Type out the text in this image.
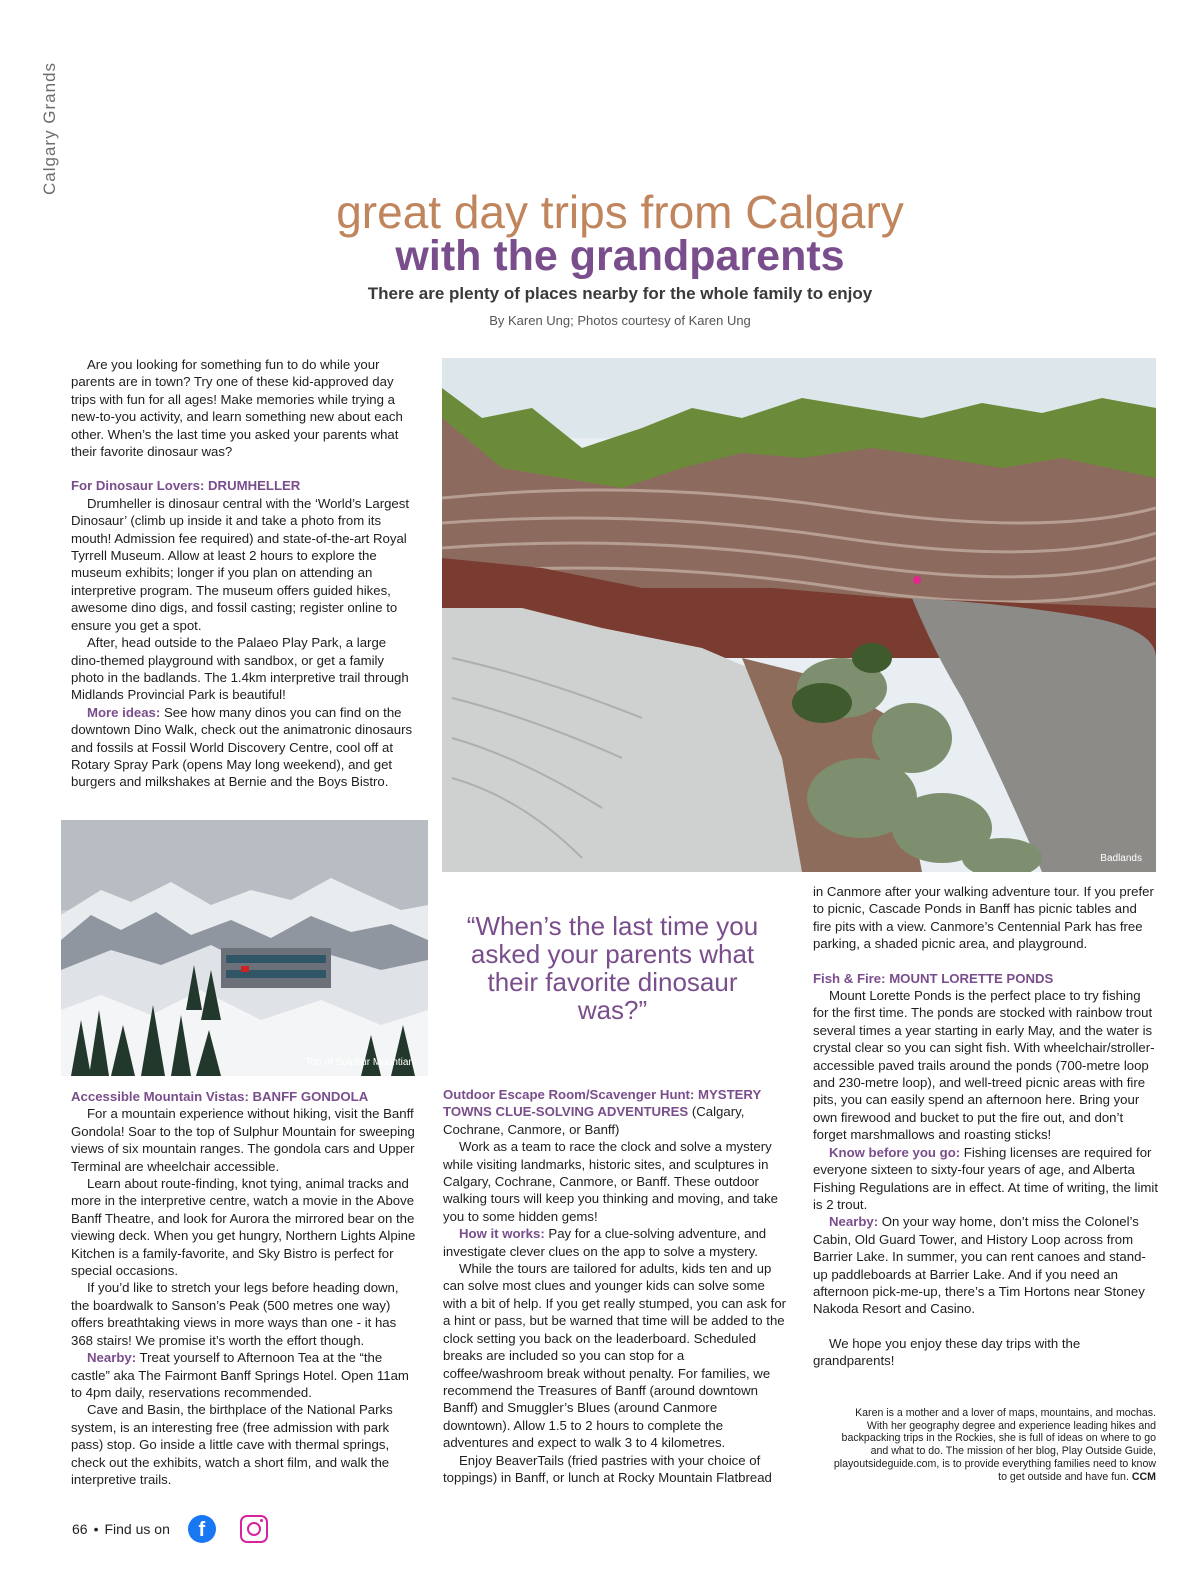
Calgary Grands
great day trips from Calgary
with the grandparents
There are plenty of places nearby for the whole family to enjoy
By Karen Ung; Photos courtesy of Karen Ung

Are you looking for something fun to do while your parents are in town? Try one of these kid-approved day trips with fun for all ages! Make memories while trying a new-to-you activity, and learn something new about each other. When’s the last time you asked your parents what their favorite dinosaur was?

For Dinosaur Lovers: DRUMHELLER

Drumheller is dinosaur central with the ‘World’s Largest Dinosaur’ (climb up inside it and take a photo from its mouth! Admission fee required) and state-of-the-art Royal Tyrrell Museum. Allow at least 2 hours to explore the museum exhibits; longer if you plan on attending an interpretive program. The museum offers guided hikes, awesome dino digs, and fossil casting; register online to ensure you get a spot.

After, head outside to the Palaeo Play Park, a large dino-themed playground with sandbox, or get a family photo in the badlands. The 1.4km interpretive trail through Midlands Provincial Park is beautiful!

More ideas: See how many dinos you can find on the downtown Dino Walk, check out the animatronic dinosaurs and fossils at Fossil World Discovery Centre, cool off at Rotary Spray Park (opens May long weekend), and get burgers and milkshakes at Bernie and the Boys Bistro.

Top of Sulphur Mountian

Accessible Mountain Vistas: BANFF GONDOLA

For a mountain experience without hiking, visit the Banff Gondola! Soar to the top of Sulphur Mountain for sweeping views of six mountain ranges. The gondola cars and Upper Terminal are wheelchair accessible.

Learn about route-finding, knot tying, animal tracks and more in the interpretive centre, watch a movie in the Above Banff Theatre, and look for Aurora the mirrored bear on the viewing deck. When you get hungry, Northern Lights Alpine Kitchen is a family-favorite, and Sky Bistro is perfect for special occasions.

If you’d like to stretch your legs before heading down, the boardwalk to Sanson’s Peak (500 metres one way) offers breathtaking views in more ways than one - it has 368 stairs! We promise it’s worth the effort though.

Nearby: Treat yourself to Afternoon Tea at the “the castle” aka The Fairmont Banff Springs Hotel. Open 11am to 4pm daily, reservations recommended.

Cave and Basin, the birthplace of the National Parks system, is an interesting free (free admission with park pass) stop. Go inside a little cave with thermal springs, check out the exhibits, watch a short film, and walk the interpretive trails.

Badlands
“When’s the last time you asked your parents what their favorite dinosaur was?”

Outdoor Escape Room/Scavenger Hunt: MYSTERY TOWNS CLUE-SOLVING ADVENTURES (Calgary, Cochrane, Canmore, or Banff)

Work as a team to race the clock and solve a mystery while visiting landmarks, historic sites, and sculptures in Calgary, Cochrane, Canmore, or Banff. These outdoor walking tours will keep you thinking and moving, and take you to some hidden gems!

How it works: Pay for a clue-solving adventure, and investigate clever clues on the app to solve a mystery.

While the tours are tailored for adults, kids ten and up can solve most clues and younger kids can solve some with a bit of help. If you get really stumped, you can ask for a hint or pass, but be warned that time will be added to the clock setting you back on the leaderboard. Scheduled breaks are included so you can stop for a coffee/washroom break without penalty. For families, we recommend the Treasures of Banff (around downtown Banff) and Smuggler’s Blues (around Canmore downtown). Allow 1.5 to 2 hours to complete the adventures and expect to walk 3 to 4 kilometres.

Enjoy BeaverTails (fried pastries with your choice of toppings) in Banff, or lunch at Rocky Mountain Flatbread

in Canmore after your walking adventure tour. If you prefer to picnic, Cascade Ponds in Banff has picnic tables and fire pits with a view. Canmore’s Centennial Park has free parking, a shaded picnic area, and playground.

Fish & Fire: MOUNT LORETTE PONDS

Mount Lorette Ponds is the perfect place to try fishing for the first time. The ponds are stocked with rainbow trout several times a year starting in early May, and the water is crystal clear so you can sight fish. With wheelchair/stroller-accessible paved trails around the ponds (700-metre loop and 230-metre loop), and well-treed picnic areas with fire pits, you can easily spend an afternoon here. Bring your own firewood and bucket to put the fire out, and don’t forget marshmallows and roasting sticks!

Know before you go: Fishing licenses are required for everyone sixteen to sixty-four years of age, and Alberta Fishing Regulations are in effect. At time of writing, the limit is 2 trout.

Nearby: On your way home, don’t miss the Colonel’s Cabin, Old Guard Tower, and History Loop across from Barrier Lake. In summer, you can rent canoes and stand-up paddleboards at Barrier Lake. And if you need an afternoon pick-me-up, there’s a Tim Hortons near Stoney Nakoda Resort and Casino.

We hope you enjoy these day trips with the grandparents!

Karen is a mother and a lover of maps, mountains, and mochas. With her geography degree and experience leading hikes and backpacking trips in the Rockies, she is full of ideas on where to go and what to do. The mission of her blog, Play Outside Guide, playoutsideguide.com, is to provide everything families need to know to get outside and have fun. CCM
66 • Find us on	f
